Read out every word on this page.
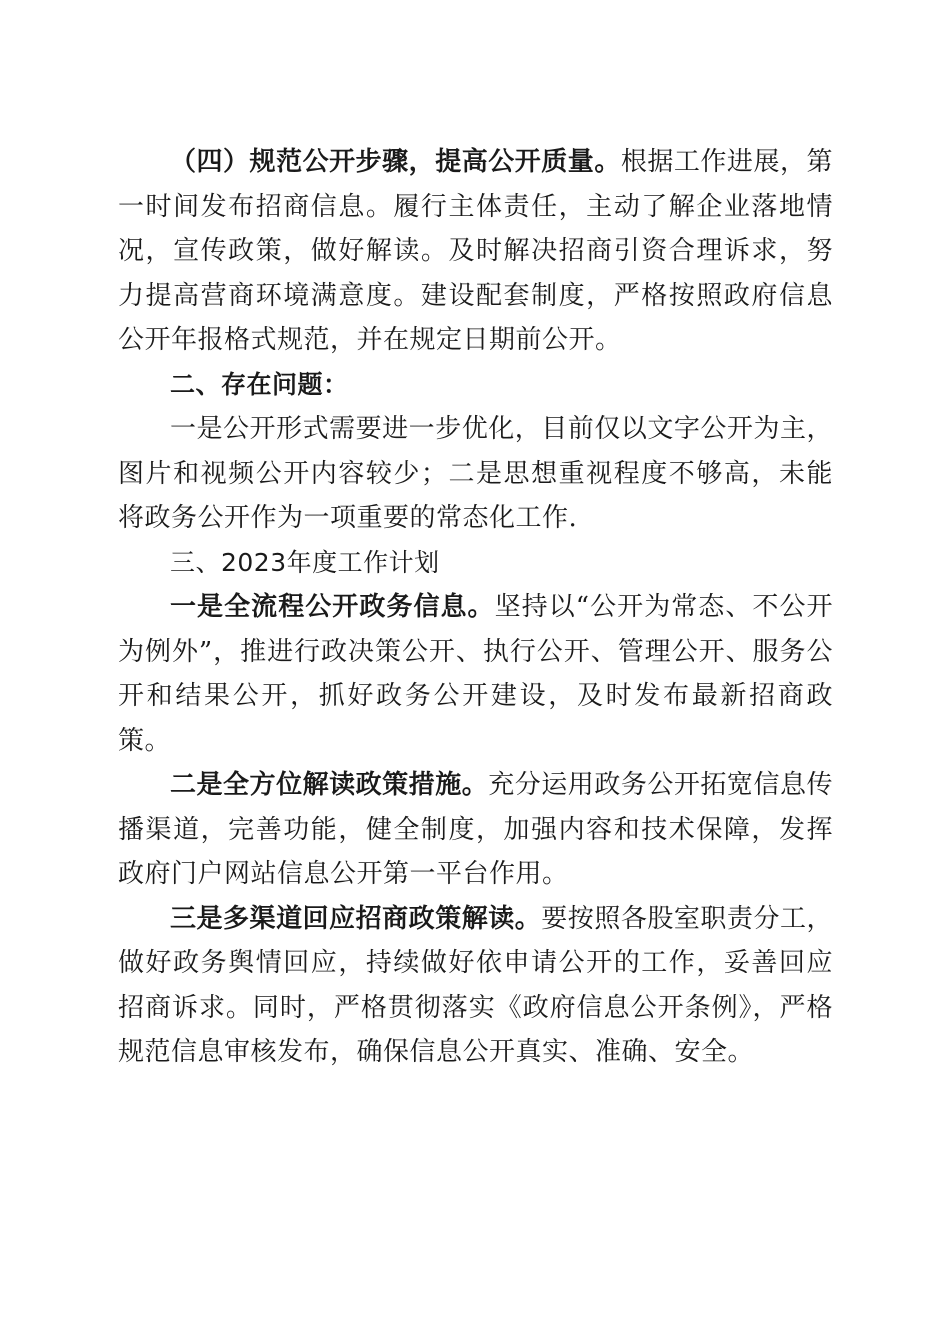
（四）规范公开步骤，提高公开质量。根据工作进展，第一时间发布招商信息。履行主体责任，主动了解企业落地情况，宣传政策，做好解读。及时解决招商引资合理诉求，努力提高营商环境满意度。建设配套制度，严格按照政府信息公开年报格式规范，并在规定日期前公开。

二、存在问题：

一是公开形式需要进一步优化，目前仅以文字公开为主，图片和视频公开内容较少；二是思想重视程度不够高，未能将政务公开作为一项重要的常态化工作.

三、2023年度工作计划

一是全流程公开政务信息。坚持以“公开为常态、不公开为例外”，推进行政决策公开、执行公开、管理公开、服务公开和结果公开，抓好政务公开建设，及时发布最新招商政策。

二是全方位解读政策措施。充分运用政务公开拓宽信息传播渠道，完善功能，健全制度，加强内容和技术保障，发挥政府门户网站信息公开第一平台作用。

三是多渠道回应招商政策解读。要按照各股室职责分工，做好政务舆情回应，持续做好依申请公开的工作，妥善回应招商诉求。同时，严格贯彻落实《政府信息公开条例》，严格规范信息审核发布，确保信息公开真实、准确、安全。
